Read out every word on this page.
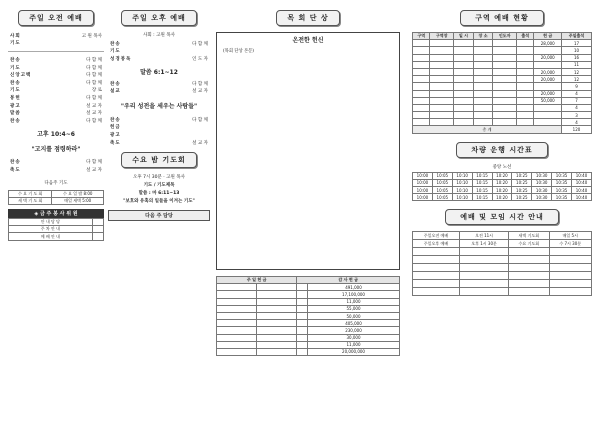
주일 오전 예배
사회	고 원 목사
기도
찬송	다 함 께
기도	다 함 께
신앙고백	다 함 께
찬송	다 함 께
기도	장 로
봉헌	다 함 께
광고	설 교 자
말씀	설 교 자
찬송	다 함 께
고후 10:4~6
"고지를 점령하라"
찬송	다 함 께
축도	설 교 자
다음주 기도
수 요 기 도 회	수 요 일 밤 8:00
새 벽 기 도 회	매일 새벽 5:00
◈ 금 주 봉 사 위 원
안 내 담 당	
주 차 안 내	
예 배 안 내	
주일 오후 예배
사회 : 고원 목사
찬송	다 함 께
기도
성경봉독	인 도 자
말씀 6:1~12
찬송	다 함 께
설교	설 교 자
"우리 성전을 세우는 사람들"
찬송	다 함 께
헌금
광고
축도	설 교 자
수요 밤 기도회
오후 7시 30분 · 고원 목사
기도 / 기도제목
말씀 : 마 6:11~13
"보호와 유혹의 일들을 이겨는 기도"
다음 주 담당
목 회 단 상
온전한 헌신

(목회 단상 본문)

주 일 헌 금		감 사 헌 금	
			491,000
			17,100,000
			11,000
			55,000
			50,000
			405,000
			230,000
			30,000
			11,000
			20,000,000
구역 예배 현황
구역	구역장	일 시	장 소	인도자	출석	헌 금	주일출석
						28,000	17
							10
						20,000	16
							11
						20,000	12
						20,000	12
							9
						20,000	4
						50,000	7
							4
							3
							4
총 계							120
차량 운행 시간표
중앙 노선
10:00	10:05	10:10	10:15	10:20	10:25	10:30	10:35	10:40
10:00	10:05	10:10	10:15	10:20	10:25	10:30	10:35	10:40
10:00	10:05	10:10	10:15	10:20	10:25	10:30	10:35	10:40
10:00	10:05	10:10	10:15	10:20	10:25	10:30	10:35	10:40
예배 및 모임 시간 안내
주일오전 예배	오전 11시	새벽 기도회	매일 5시
주일오후 예배	오후 1시 30분	수요 기도회	수 7시 30분
